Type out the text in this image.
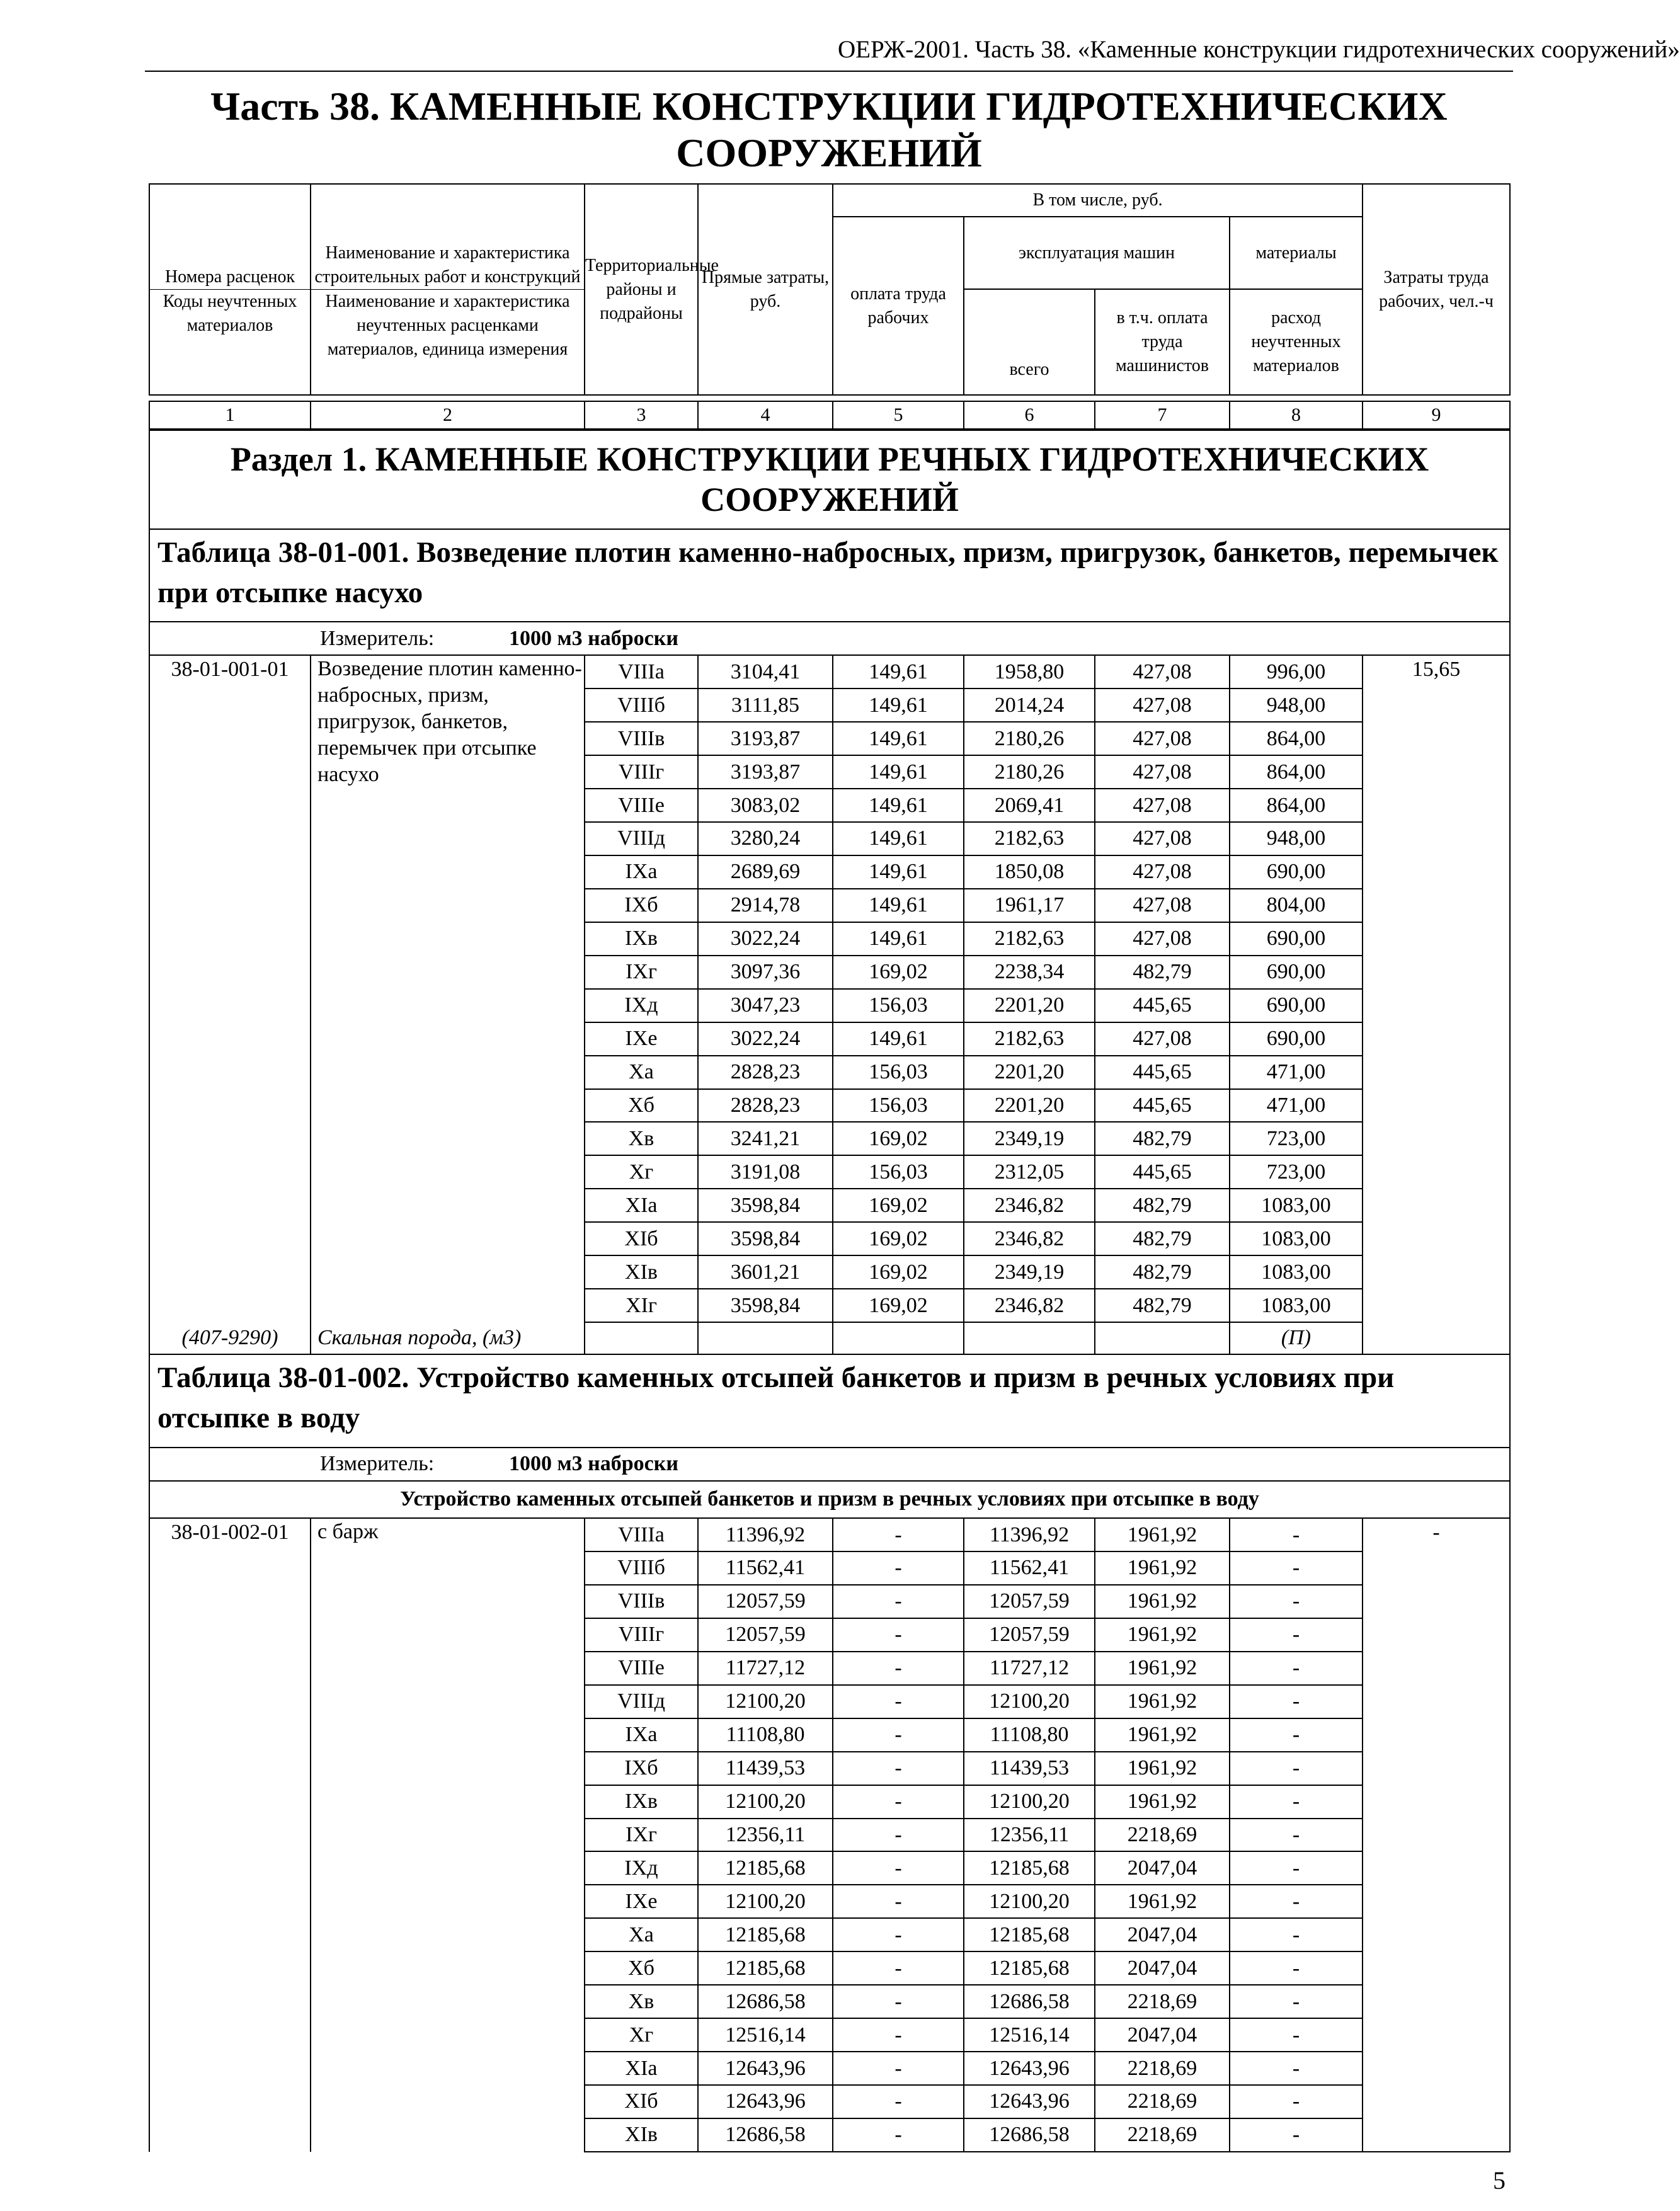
ОЕРЖ-2001. Часть 38. «Каменные конструкции гидротехнических сооружений»
Часть 38. КАМЕННЫЕ КОНСТРУКЦИИ ГИДРОТЕХНИЧЕСКИХ СООРУЖЕНИЙ
Номера расценок	Наименование и характеристика строительных работ и конструкций	Территориальные районы и подрайоны	Прямые затраты, руб.	В том числе, руб.				Затраты труда рабочих, чел.-ч
				оплата труда рабочих	эксплуатация машин		материалы	
					всего	в т.ч. оплата труда машинистов	расход неучтенных материалов	
Коды неучтенных материалов	Наименование и характеристика неучтенных расценками материалов, единица измерения							

1	2	3	4	5	6	7	8	9
Раздел 1. КАМЕННЫЕ КОНСТРУКЦИИ РЕЧНЫХ ГИДРОТЕХНИЧЕСКИХ СООРУЖЕНИЙ								
Таблица 38-01-001. Возведение плотин каменно-набросных, призм, пригрузок, банкетов, перемычек при отсыпке насухо								
Измеритель: 1000 м3 наброски								
38-01-001-01	Возведение плотин каменно-набросных, призм, пригрузок, банкетов, перемычек при отсыпке насухо	VIIIа	3104,41	149,61	1958,80	427,08	996,00	15,65
		VIIIб	3111,85	149,61	2014,24	427,08	948,00	
		VIIIв	3193,87	149,61	2180,26	427,08	864,00	
		VIIIг	3193,87	149,61	2180,26	427,08	864,00	
		VIIIе	3083,02	149,61	2069,41	427,08	864,00	
		VIIIд	3280,24	149,61	2182,63	427,08	948,00	
		IXа	2689,69	149,61	1850,08	427,08	690,00	
		IXб	2914,78	149,61	1961,17	427,08	804,00	
		IXв	3022,24	149,61	2182,63	427,08	690,00	
		IXг	3097,36	169,02	2238,34	482,79	690,00	
		IXд	3047,23	156,03	2201,20	445,65	690,00	
		IXе	3022,24	149,61	2182,63	427,08	690,00	
		Xа	2828,23	156,03	2201,20	445,65	471,00	
		Xб	2828,23	156,03	2201,20	445,65	471,00	
		Xв	3241,21	169,02	2349,19	482,79	723,00	
		Xг	3191,08	156,03	2312,05	445,65	723,00	
		XIа	3598,84	169,02	2346,82	482,79	1083,00	
		XIб	3598,84	169,02	2346,82	482,79	1083,00	
		XIв	3601,21	169,02	2349,19	482,79	1083,00	
		XIг	3598,84	169,02	2346,82	482,79	1083,00	
(407-9290)	Скальная порода, (м3)						(П)	
Таблица 38-01-002. Устройство каменных отсыпей банкетов и призм в речных условиях при отсыпке в воду								
Измеритель: 1000 м3 наброски								
Устройство каменных отсыпей банкетов и призм в речных условиях при отсыпке в воду								
38-01-002-01	с барж	VIIIа	11396,92	-	11396,92	1961,92	-	-
		VIIIб	11562,41	-	11562,41	1961,92	-	
		VIIIв	12057,59	-	12057,59	1961,92	-	
		VIIIг	12057,59	-	12057,59	1961,92	-	
		VIIIе	11727,12	-	11727,12	1961,92	-	
		VIIIд	12100,20	-	12100,20	1961,92	-	
		IXа	11108,80	-	11108,80	1961,92	-	
		IXб	11439,53	-	11439,53	1961,92	-	
		IXв	12100,20	-	12100,20	1961,92	-	
		IXг	12356,11	-	12356,11	2218,69	-	
		IXд	12185,68	-	12185,68	2047,04	-	
		IXе	12100,20	-	12100,20	1961,92	-	
		Xа	12185,68	-	12185,68	2047,04	-	
		Xб	12185,68	-	12185,68	2047,04	-	
		Xв	12686,58	-	12686,58	2218,69	-	
		Xг	12516,14	-	12516,14	2047,04	-	
		XIа	12643,96	-	12643,96	2218,69	-	
		XIб	12643,96	-	12643,96	2218,69	-	
		XIв	12686,58	-	12686,58	2218,69	-	
5
